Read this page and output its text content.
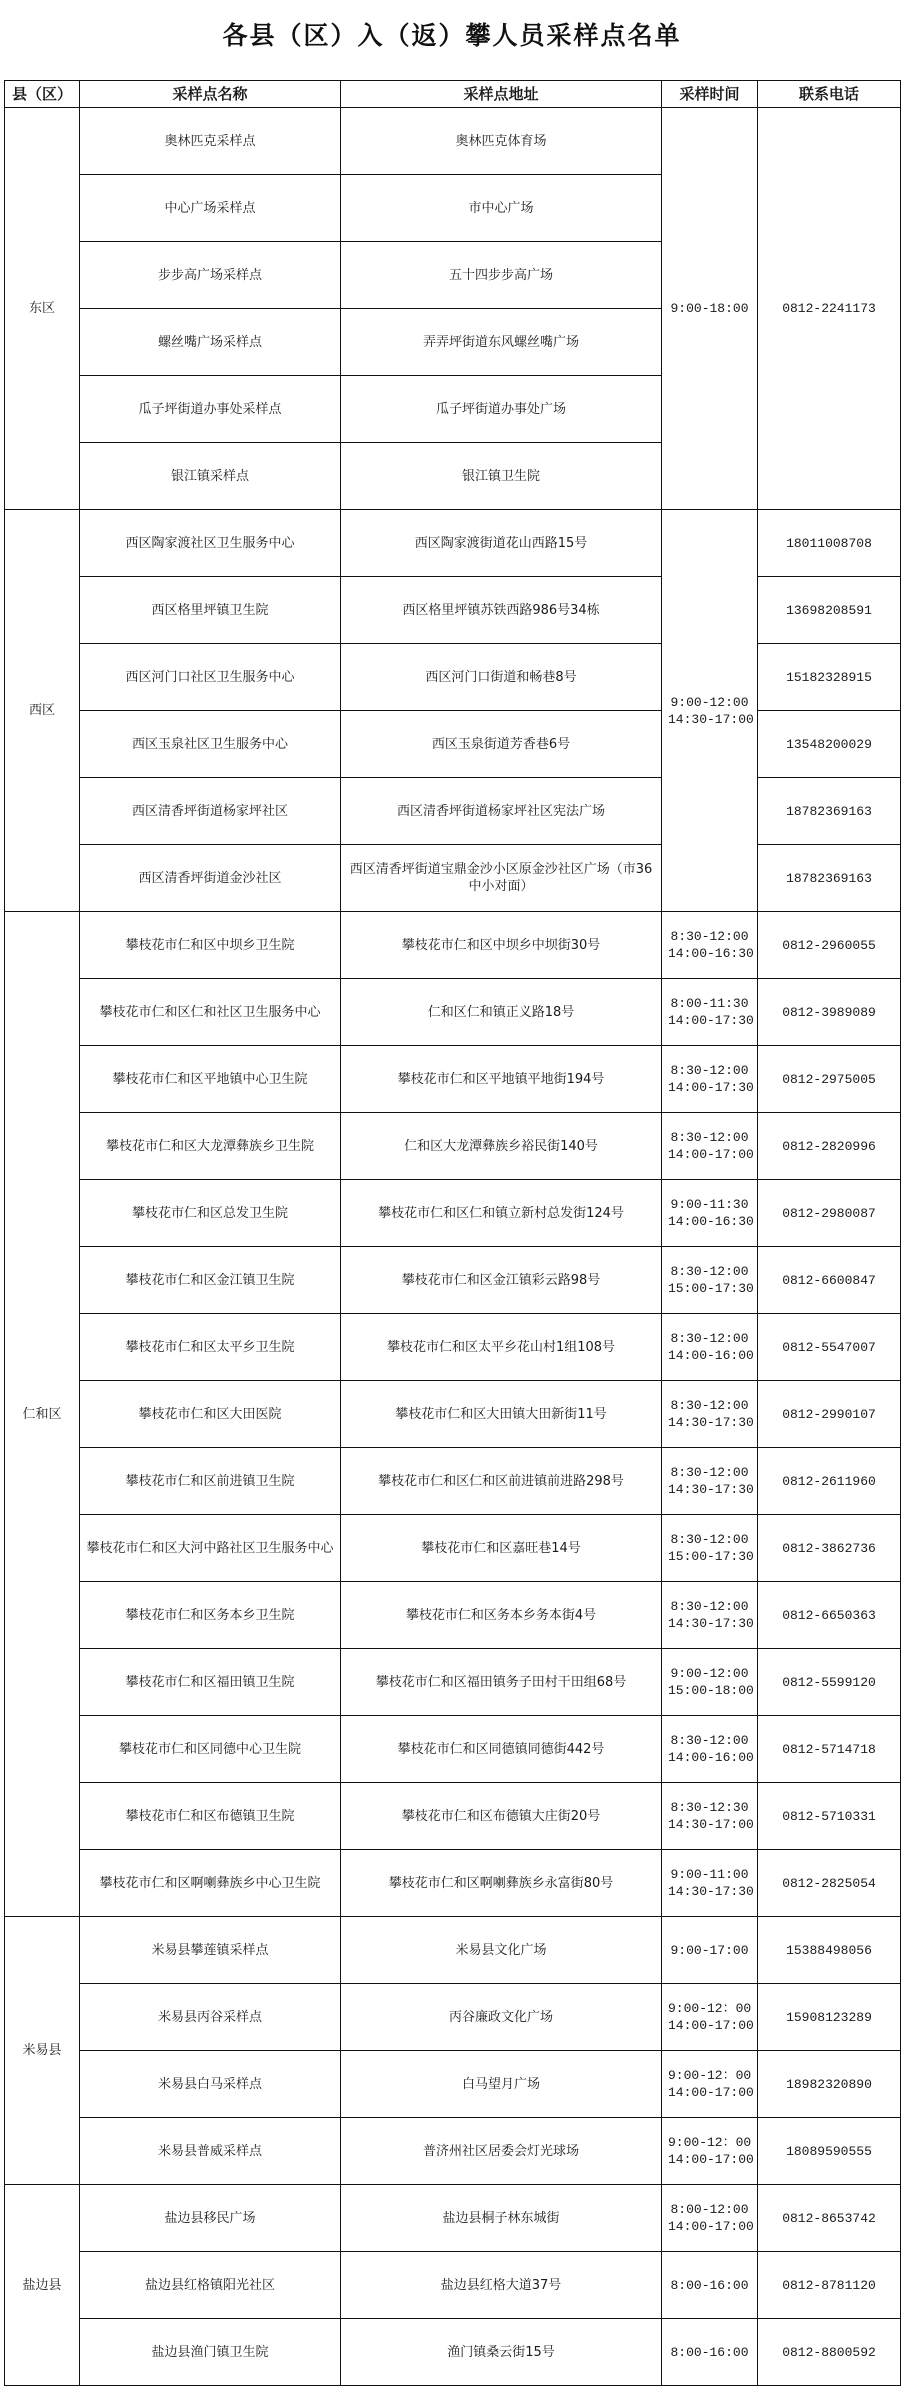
各县（区）入（返）攀人员采样点名单
县（区）	采样点名称	采样点地址	采样时间	联系电话
东区	奥林匹克采样点	奥林匹克体育场	9:00-18:00	0812-2241173
	中心广场采样点	市中心广场		
	步步高广场采样点	五十四步步高广场		
	螺丝嘴广场采样点	弄弄坪街道东风螺丝嘴广场		
	瓜子坪街道办事处采样点	瓜子坪街道办事处广场		
	银江镇采样点	银江镇卫生院		
西区	西区陶家渡社区卫生服务中心	西区陶家渡街道花山西路15号	9:00-12:00
14:30-17:00	18011008708
	西区格里坪镇卫生院	西区格里坪镇苏铁西路986号34栋		13698208591
	西区河门口社区卫生服务中心	西区河门口街道和畅巷8号		15182328915
	西区玉泉社区卫生服务中心	西区玉泉街道芳香巷6号		13548200029
	西区清香坪街道杨家坪社区	西区清香坪街道杨家坪社区宪法广场		18782369163
	西区清香坪街道金沙社区	西区清香坪街道宝鼎金沙小区原金沙社区广场（市36中小对面）		18782369163
仁和区	攀枝花市仁和区中坝乡卫生院	攀枝花市仁和区中坝乡中坝街30号	8:30-12:00
14:00-16:30	0812-2960055
	攀枝花市仁和区仁和社区卫生服务中心	仁和区仁和镇正义路18号	8:00-11:30
14:00-17:30	0812-3989089
	攀枝花市仁和区平地镇中心卫生院	攀枝花市仁和区平地镇平地街194号	8:30-12:00
14:00-17:30	0812-2975005
	攀枝花市仁和区大龙潭彝族乡卫生院	仁和区大龙潭彝族乡裕民街140号	8:30-12:00
14:00-17:00	0812-2820996
	攀枝花市仁和区总发卫生院	攀枝花市仁和区仁和镇立新村总发街124号	9:00-11:30
14:00-16:30	0812-2980087
	攀枝花市仁和区金江镇卫生院	攀枝花市仁和区金江镇彩云路98号	8:30-12:00
15:00-17:30	0812-6600847
	攀枝花市仁和区太平乡卫生院	攀枝花市仁和区太平乡花山村1组108号	8:30-12:00
14:00-16:00	0812-5547007
	攀枝花市仁和区大田医院	攀枝花市仁和区大田镇大田新街11号	8:30-12:00
14:30-17:30	0812-2990107
	攀枝花市仁和区前进镇卫生院	攀枝花市仁和区仁和区前进镇前进路298号	8:30-12:00
14:30-17:30	0812-2611960
	攀枝花市仁和区大河中路社区卫生服务中心	攀枝花市仁和区嘉旺巷14号	8:30-12:00
15:00-17:30	0812-3862736
	攀枝花市仁和区务本乡卫生院	攀枝花市仁和区务本乡务本街4号	8:30-12:00
14:30-17:30	0812-6650363
	攀枝花市仁和区福田镇卫生院	攀枝花市仁和区福田镇务子田村干田组68号	9:00-12:00
15:00-18:00	0812-5599120
	攀枝花市仁和区同德中心卫生院	攀枝花市仁和区同德镇同德街442号	8:30-12:00
14:00-16:00	0812-5714718
	攀枝花市仁和区布德镇卫生院	攀枝花市仁和区布德镇大庄街20号	8:30-12:30
14:30-17:00	0812-5710331
	攀枝花市仁和区啊喇彝族乡中心卫生院	攀枝花市仁和区啊喇彝族乡永富街80号	9:00-11:00
14:30-17:30	0812-2825054
米易县	米易县攀莲镇采样点	米易县文化广场	9:00-17:00	15388498056
	米易县丙谷采样点	丙谷廉政文化广场	9:00-12：00
14:00-17:00	15908123289
	米易县白马采样点	白马望月广场	9:00-12：00
14:00-17:00	18982320890
	米易县普威采样点	普济州社区居委会灯光球场	9:00-12：00
14:00-17:00	18089590555
盐边县	盐边县移民广场	盐边县桐子林东城街	8:00-12:00
14:00-17:00	0812-8653742
	盐边县红格镇阳光社区	盐边县红格大道37号	8:00-16:00	0812-8781120
	盐边县渔门镇卫生院	渔门镇桑云街15号	8:00-16:00	0812-8800592
